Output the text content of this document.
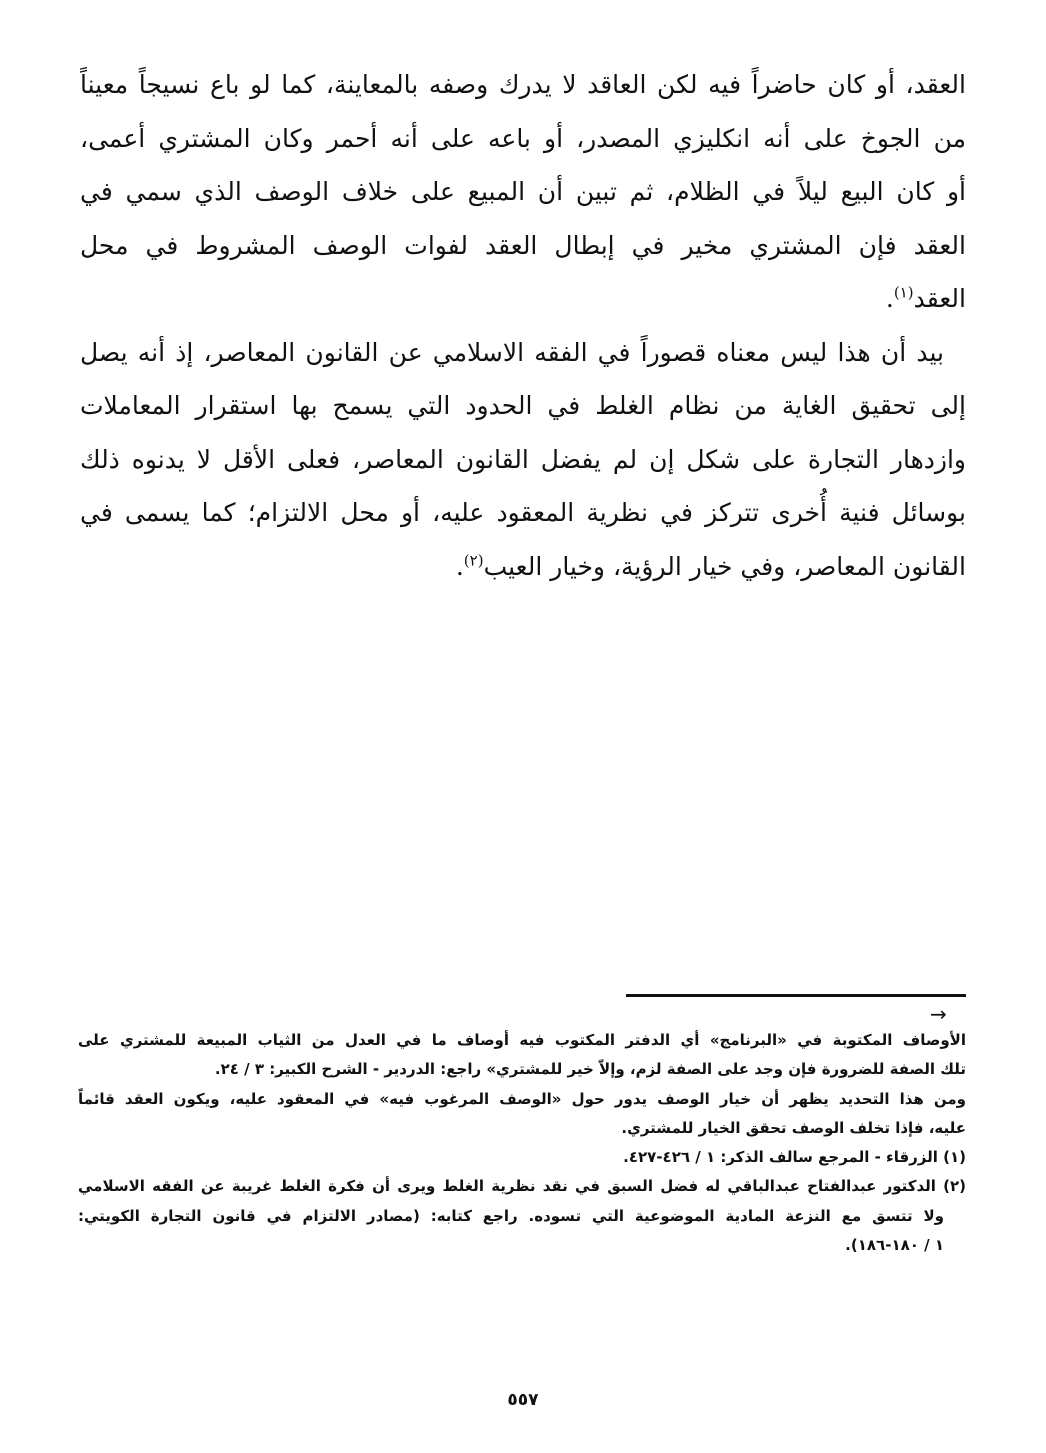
العقد، أو كان حاضراً فيه لكن العاقد لا يدرك وصفه بالمعاينة، كما لو باع نسيجاً معيناً
من الجوخ على أنه انكليزي المصدر، أو باعه على أنه أحمر وكان المشتري أعمى،
أو كان البيع ليلاً في الظلام، ثم تبين أن المبيع على خلاف الوصف الذي سمي في
العقد فإن المشتري مخير في إبطال العقد لفوات الوصف المشروط في محل
العقد$^{(١)}$.
بيد أن هذا ليس معناه قصوراً في الفقه الاسلامي عن القانون المعاصر، إذ أنه يصل
إلى تحقيق الغاية من نظام الغلط في الحدود التي يسمح بها استقرار المعاملات
وازدهار التجارة على شكل إن لم يفضل القانون المعاصر، فعلى الأقل لا يدنوه ذلك
بوسائل فنية أُخرى تتركز في نظرية المعقود عليه، أو محل الالتزام؛ كما يسمى في
القانون المعاصر، وفي خيار الرؤية، وخيار العيب$^{(٢)}$.
→
الأوصاف المكتوبة في «البرنامج» أي الدفتر المكتوب فيه أوصاف ما في العدل من الثياب المبيعة للمشتري على
تلك الصفة للضرورة فإن وجد على الصفة لزم، وإلاّ خير للمشتري» راجع: الدردير - الشرح الكبير: ٣ / ٢٤.
ومن هذا التحديد يظهر أن خيار الوصف يدور حول «الوصف المرغوب فيه» في المعقود عليه، ويكون العقد قائماً
عليه، فإذا تخلف الوصف تحقق الخيار للمشتري.
(١) الزرقاء - المرجع سالف الذكر: ١ / ٤٢٦-٤٢٧.
(٢) الدكتور عبدالفتاح عبدالباقي له فضل السبق في نقد نظرية الغلط ويرى أن فكرة الغلط غريبة عن الفقه الاسلامي
ولا تتسق مع النزعة المادية الموضوعية التي تسوده. راجع كتابه: (مصادر الالتزام في قانون التجارة الكويتي:
١ / ١٨٠-١٨٦).
٥٥٧
